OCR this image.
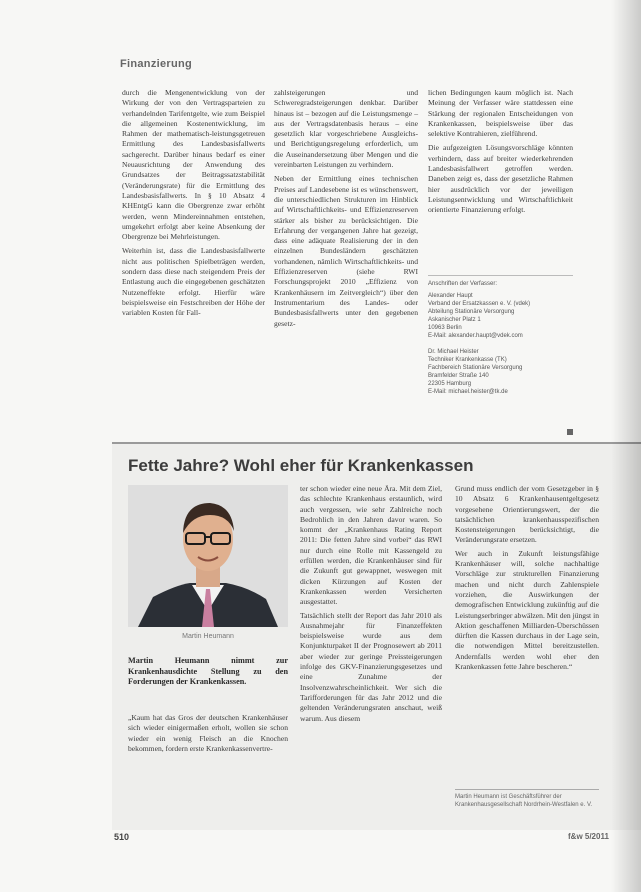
Finanzierung

durch die Mengenentwicklung von der Wirkung der von den Vertragsparteien zu verhandelnden Tarifentgelte, wie zum Beispiel die allgemeinen Kostenentwicklung, im Rahmen der mathematisch-leistungsgetreuen Ermittlung des Landesbasisfallwerts sachgerecht. Darüber hinaus bedarf es einer Neuausrichtung der Anwendung des Grundsatzes der Beitragssatzstabilität (Veränderungsrate) für die Ermittlung des Landesbasisfallwerts. In § 10 Absatz 4 KHEntgG kann die Obergrenze zwar erhöht werden, wenn Mindereinnahmen entstehen, umgekehrt erfolgt aber keine Absenkung der Obergrenze bei Mehrleistungen.

Weiterhin ist, dass die Landesbasisfallwerte nicht aus politischen Spielbeträgen werden, sondern dass diese nach steigendem Preis der Entlastung auch die eingegebenen geschätzten Nutzeneffekte erfolgt. Hierfür wäre beispielsweise ein Festschreiben der Höhe der variablen Kosten für Fall-

zahlsteigerungen und Schweregradsteigerungen denkbar. Darüber hinaus ist – bezogen auf die Leistungsmenge – aus der Vertragsdatenbasis heraus – eine gesetzlich klar vorgeschriebene Ausgleichs- und Berichtigungsregelung erforderlich, um die Auseinandersetzung über Mengen und die vereinbarten Leistungen zu verhindern.

Neben der Ermittlung eines technischen Preises auf Landesebene ist es wünschenswert, die unterschiedlichen Strukturen im Hinblick auf Wirtschaftlichkeits- und Effizienzreserven stärker als bisher zu berücksichtigen. Die Erfahrung der vergangenen Jahre hat gezeigt, dass eine adäquate Realisierung der in den einzelnen Bundesländern geschätzten vorhandenen, nämlich Wirtschaftlichkeits- und Effizienzreserven (siehe RWI Forschungsprojekt 2010 „Effizienz von Krankenhäusern im Zeitvergleich“) über den Instrumentarium des Landes- oder Bundesbasisfallwerts unter den gegebenen gesetz-

lichen Bedingungen kaum möglich ist. Nach Meinung der Verfasser wäre stattdessen eine Stärkung der regionalen Entscheidungen von Krankenkassen, beispielsweise über das selektive Kontrahieren, zielführend.

Die aufgezeigten Lösungsvorschläge könnten verhindern, dass auf breiter wiederkehrenden Landesbasisfallwert getroffen werden. Daneben zeigt es, dass der gesetzliche Rahmen hier ausdrücklich vor der jeweiligen Leistungsentwicklung und Wirtschaftlichkeit orientierte Finanzierung erfolgt.

Anschriften der Verfasser:
Alexander Haupt
Verband der Ersatzkassen e. V. (vdek)
Abteilung Stationäre Versorgung
Askanischer Platz 1
10963 Berlin
E-Mail: alexander.haupt@vdek.com
Dr. Michael Heister
Techniker Krankenkasse (TK)
Fachbereich Stationäre Versorgung
Bramfelder Straße 140
22305 Hamburg
E-Mail: michael.heister@tk.de
Fette Jahre? Wohl eher für Krankenkassen
Martin Heumann
Martin Heumann nimmt zur Krankenhausdichte Stellung zu den Forderungen der Krankenkassen.
„Kaum hat das Gros der deutschen Krankenhäuser sich wieder einigermaßen erholt, wollen sie schon wieder ein wenig Fleisch an die Knochen bekommen, fordern erste Krankenkassenvertre-

ter schon wieder eine neue Ära. Mit dem Ziel, das schlechte Krankenhaus erstaunlich, wird auch vergessen, wie sehr Zahlreiche noch Bedrohlich in den Jahren davor waren. So kommt der „Krankenhaus Rating Report 2011: Die fetten Jahre sind vorbei“ das RWI nur durch eine Rolle mit Kassengeld zu erfüllen werden, die Krankenhäuser sind für die Zukunft gut gewappnet, weswegen mit dicken Kürzungen auf Kosten der Krankenkassen werden Versicherten ausgestattet.

Tatsächlich stellt der Report das Jahr 2010 als Ausnahmejahr für Finanzeffekten beispielsweise wurde aus dem Konjunkturpaket II der Prognosewert ab 2011 aber wieder zur geringe Preissteigerungen infolge des GKV-Finanzierungsgesetzes und eine Zunahme der Insolvenzwahrscheinlichkeit. Wer sich die Tarifforderungen für das Jahr 2012 und die geltenden Veränderungsraten anschaut, weiß warum. Aus diesem

Grund muss endlich der vom Gesetzgeber in § 10 Absatz 6 Krankenhausentgeltgesetz vorgesehene Orientierungswert, der die tatsächlichen krankenhausspezifischen Kostensteigerungen berücksichtigt, die Veränderungsrate ersetzen.

Wer auch in Zukunft leistungsfähige Krankenhäuser will, solche nachhaltige Vorschläge zur strukturellen Finanzierung machen und nicht durch Zahlenspiele vorziehen, die Auswirkungen der demografischen Entwicklung zukünftig auf die Leistungserbringer abwälzen. Mit den jüngst in Aktion geschaffenen Milliarden-Überschüssen dürften die Kassen durchaus in der Lage sein, die notwendigen Mittel bereitzustellen. Andernfalls werden wohl eher den Krankenkassen fette Jahre bescheren.“

Martin Heumann ist Geschäftsführer der Krankenhausgesellschaft Nordrhein-Westfalen e. V.
510	f&w 5/2011
